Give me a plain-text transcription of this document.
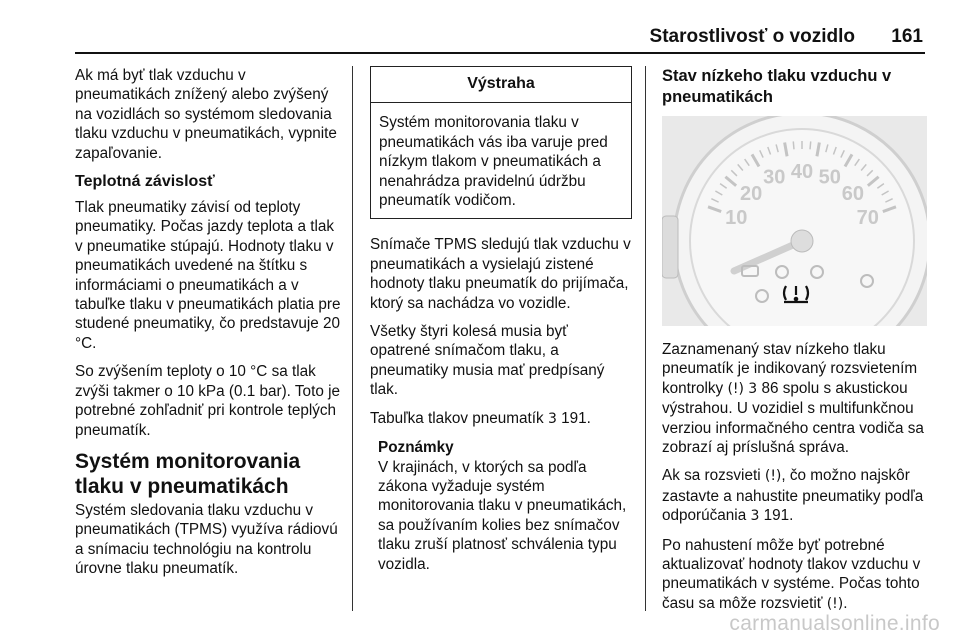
Starostlivosť o vozidlo 161

Ak má byť tlak vzduchu v pneumatikách znížený alebo zvýšený na vozidlách so systémom sledovania tlaku vzduchu v pneumatikách, vypnite zapaľovanie.

Teplotná závislosť

Tlak pneumatiky závisí od teploty pneumatiky. Počas jazdy teplota a tlak v pneumatike stúpajú. Hodnoty tlaku v pneumatikách uvedené na štítku s informáciami o pneumatikách a v tabuľke tlaku v pneumatikách platia pre studené pneumatiky, čo predstavuje 20 °C.

So zvýšením teploty o 10 °C sa tlak zvýši takmer o 10 kPa (0.1 bar). Toto je potrebné zohľadniť pri kontrole teplých pneumatík.

Systém monitorovania tlaku v pneumatikách

Systém sledovania tlaku vzduchu v pneumatikách (TPMS) využíva rádiovú a snímaciu technológiu na kontrolu úrovne tlaku pneumatík.

Výstraha
Systém monitorovania tlaku v pneumatikách vás iba varuje pred nízkym tlakom v pneumatikách a nenahrádza pravidelnú údržbu pneumatík vodičom.

Snímače TPMS sledujú tlak vzduchu v pneumatikách a vysielajú zistené hodnoty tlaku pneumatík do prijímača, ktorý sa nachádza vo vozidle.

Všetky štyri kolesá musia byť opatrené snímačom tlaku, a pneumatiky musia mať predpísaný tlak.

Tabuľka tlakov pneumatík 3 191.

Poznámky
V krajinách, v ktorých sa podľa zákona vyžaduje systém monitorovania tlaku v pneumatikách, sa používaním kolies bez snímačov tlaku zruší platnosť schválenia typu vozidla.
Stav nízkeho tlaku vzduchu v pneumatikách
10
20
30 40 50
60
70

Zaznamenaný stav nízkeho tlaku pneumatík je indikovaný rozsvietením kontrolky (!) 3 86 spolu s akustickou výstrahou. U vozidiel s multifunkčnou verziou informačného centra vodiča sa zobrazí aj príslušná správa.

Ak sa rozsvieti (!), čo možno najskôr zastavte a nahustite pneumatiky podľa odporúčania 3 191.

Po nahustení môže byť potrebné aktualizovať hodnoty tlakov vzduchu v pneumatikách v systéme. Počas tohto času sa môže rozsvietiť (!).

carmanualsonline.info
